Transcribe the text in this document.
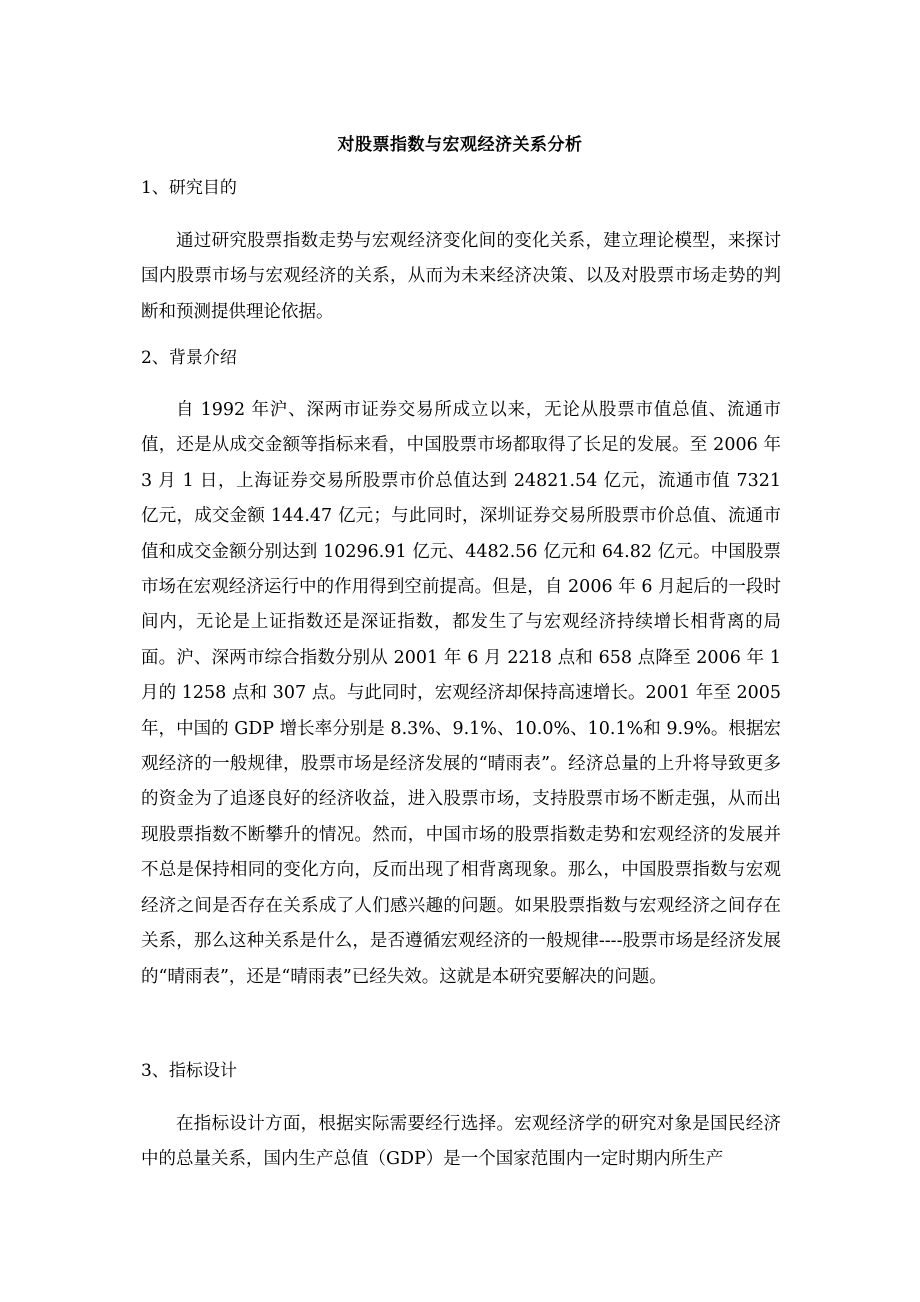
对股票指数与宏观经济关系分析
1、研究目的

通过研究股票指数走势与宏观经济变化间的变化关系，建立理论模型，来探讨国内股票市场与宏观经济的关系，从而为未来经济决策、以及对股票市场走势的判断和预测提供理论依据。

2、背景介绍

自 1992 年沪、深两市证券交易所成立以来，无论从股票市值总值、流通市值，还是从成交金额等指标来看，中国股票市场都取得了长足的发展。至 2006 年 3 月 1 日，上海证券交易所股票市价总值达到 24821.54 亿元，流通市值 7321 亿元，成交金额 144.47 亿元；与此同时，深圳证券交易所股票市价总值、流通市值和成交金额分别达到 10296.91 亿元、4482.56 亿元和 64.82 亿元。中国股票市场在宏观经济运行中的作用得到空前提高。但是，自 2006 年 6 月起后的一段时间内，无论是上证指数还是深证指数，都发生了与宏观经济持续增长相背离的局面。沪、深两市综合指数分别从 2001 年 6 月 2218 点和 658 点降至 2006 年 1 月的 1258 点和 307 点。与此同时，宏观经济却保持高速增长。2001 年至 2005 年，中国的 GDP 增长率分别是 8.3%、9.1%、10.0%、10.1%和 9.9%。根据宏观经济的一般规律，股票市场是经济发展的“晴雨表”。经济总量的上升将导致更多的资金为了追逐良好的经济收益，进入股票市场，支持股票市场不断走强，从而出现股票指数不断攀升的情况。然而，中国市场的股票指数走势和宏观经济的发展并不总是保持相同的变化方向，反而出现了相背离现象。那么，中国股票指数与宏观经济之间是否存在关系成了人们感兴趣的问题。如果股票指数与宏观经济之间存在关系，那么这种关系是什么，是否遵循宏观经济的一般规律----股票市场是经济发展的“晴雨表”，还是“晴雨表”已经失效。这就是本研究要解决的问题。

3、指标设计

在指标设计方面，根据实际需要经行选择。宏观经济学的研究对象是国民经济中的总量关系，国内生产总值（GDP）是一个国家范围内一定时期内所生产
